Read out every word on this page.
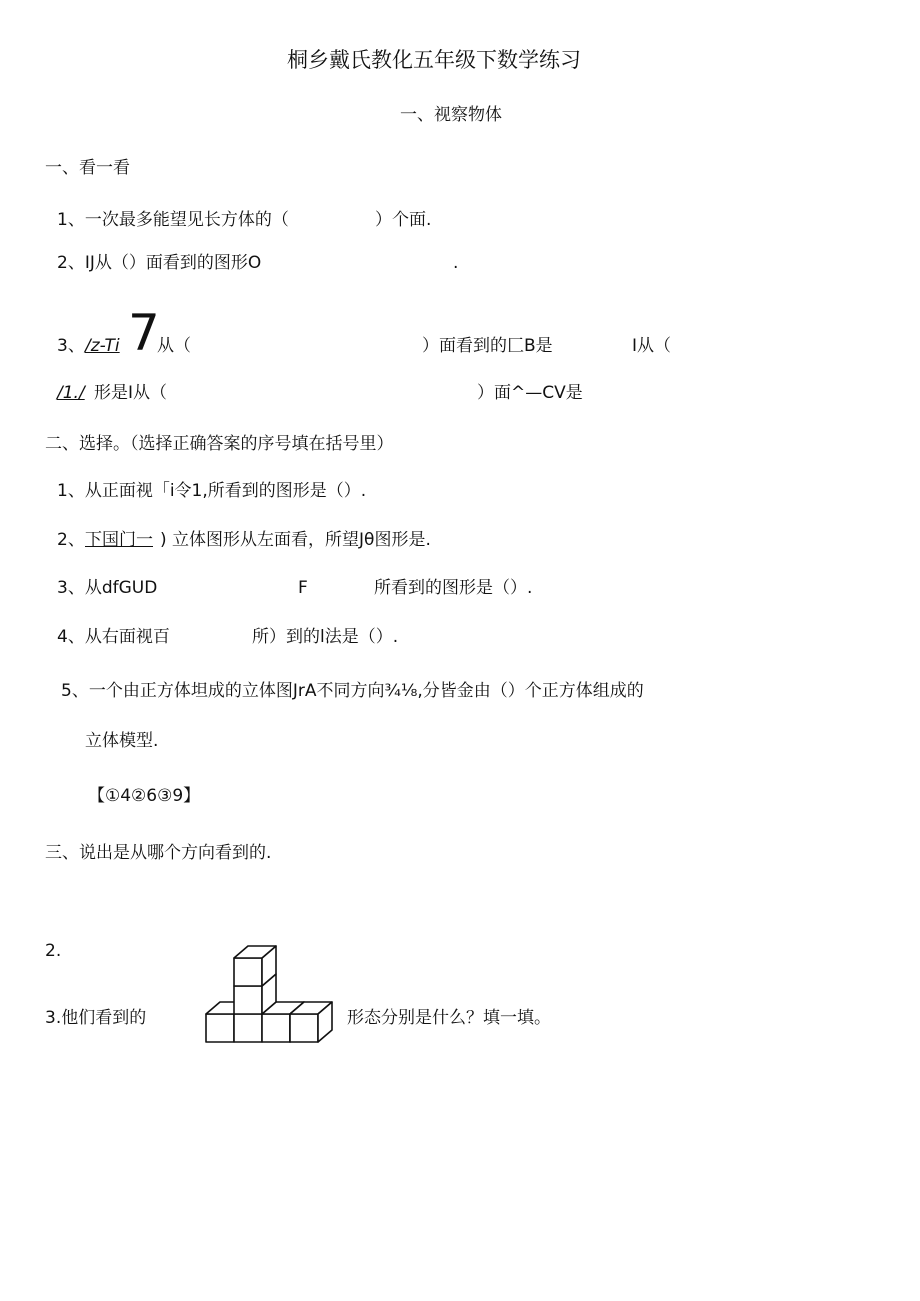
桐乡戴氏教化五年级下数学练习
一、视察物体
一、看一看
1、一次最多能望见长方体的（	）个面.
2、IJ从（）面看到的图形O	.
3、 /z-Ti 7
从（	）面看到的匚B是	I从（
/1./ 形是I从（	）面^—CV是
二、选择。（选择正确答案的序号填在括号里）
1、从正面视「i令1,所看到的图形是（）.
2、 下国门一 ) 立体图形从左面看，所望Jθ图形是.
3、从dfGUD	F	所看到的图形是（）.
4、从右面视百	所）到的l法是（）.
5、一个由正方体坦成的立体图JrA不同方向¾⅛,分皆金由（）个正方体组成的
立体模型.
【①4②6③9】
三、说出是从哪个方向看到的.
2.
3.他们看到的	形态分别是什么？填一填。
